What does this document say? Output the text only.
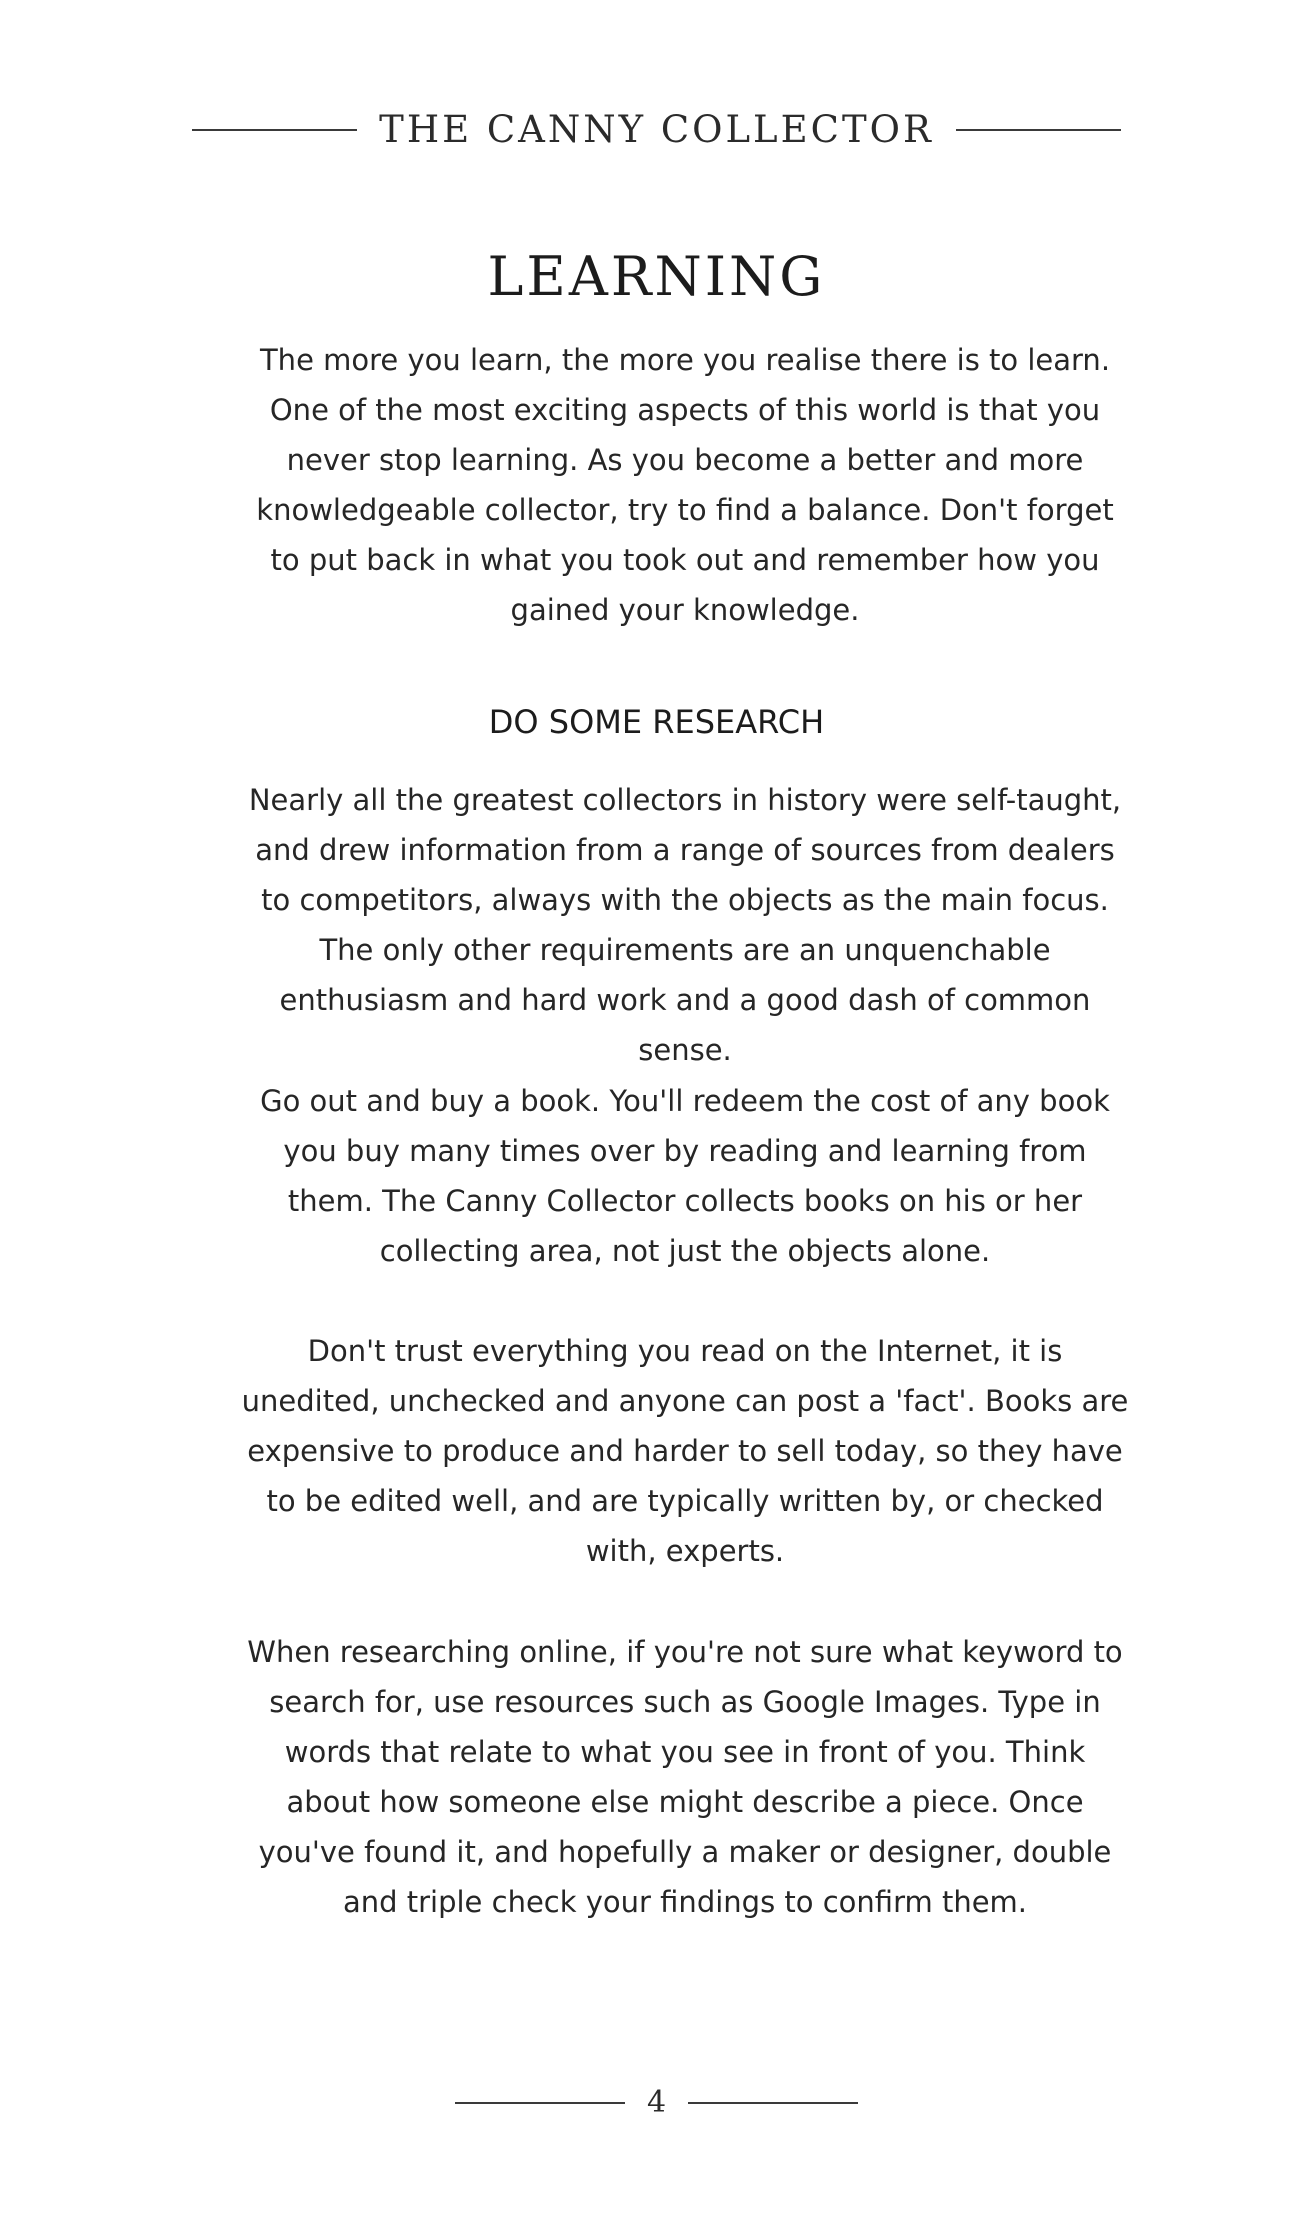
THE CANNY COLLECTOR
LEARNING

The more you learn, the more you realise there is to learn. One of the most exciting aspects of this world is that you never stop learning. As you become a better and more knowledgeable collector, try to find a balance. Don't forget to put back in what you took out and remember how you gained your knowledge.

DO SOME RESEARCH

Nearly all the greatest collectors in history were self-taught, and drew information from a range of sources from dealers to competitors, always with the objects as the main focus. The only other requirements are an unquenchable enthusiasm and hard work and a good dash of common sense.

Go out and buy a book. You'll redeem the cost of any book you buy many times over by reading and learning from them. The Canny Collector collects books on his or her collecting area, not just the objects alone.

Don't trust everything you read on the Internet, it is unedited, unchecked and anyone can post a 'fact'. Books are expensive to produce and harder to sell today, so they have to be edited well, and are typically written by, or checked with, experts.

When researching online, if you're not sure what keyword to search for, use resources such as Google Images. Type in words that relate to what you see in front of you. Think about how someone else might describe a piece. Once you've found it, and hopefully a maker or designer, double and triple check your findings to confirm them.

4
